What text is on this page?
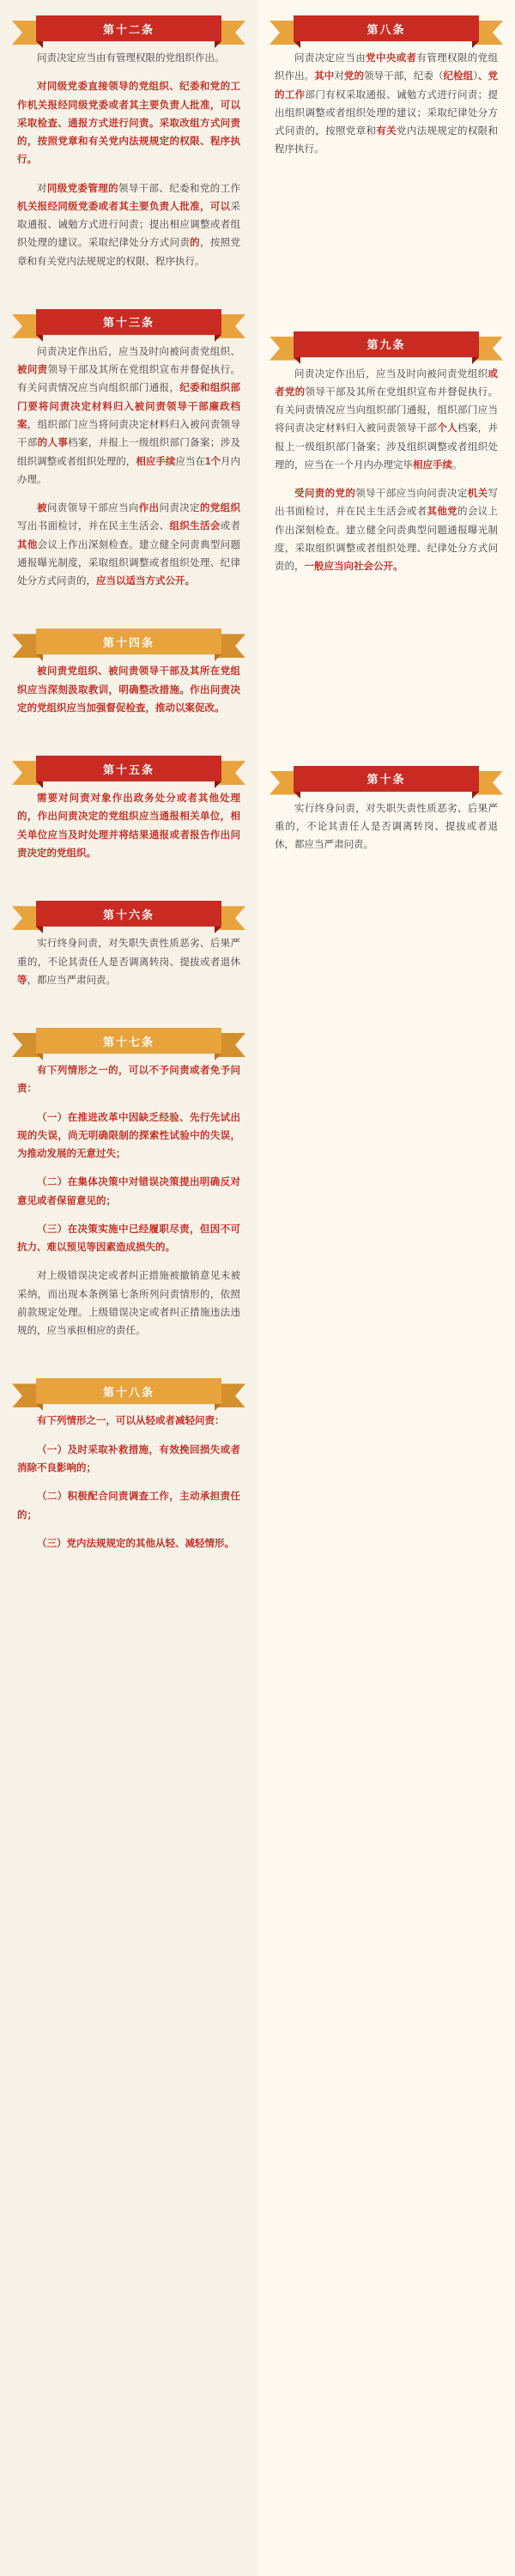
第十二条

问责决定应当由有管理权限的党组织作出。

对同级党委直接领导的党组织、纪委和党的工作机关报经同级党委或者其主要负责人批准，可以采取检查、通报方式进行问责。采取改组方式问责的，按照党章和有关党内法规规定的权限、程序执行。

对同级党委管理的领导干部、纪委和党的工作机关报经同级党委或者其主要负责人批准，可以采取通报、诫勉方式进行问责；提出相应调整或者组织处理的建议。采取纪律处分方式问责的，按照党章和有关党内法规规定的权限、程序执行。

第十三条

问责决定作出后，应当及时向被问责党组织、被问责领导干部及其所在党组织宣布并督促执行。有关问责情况应当向组织部门通报，纪委和组织部门要将问责决定材料归入被问责领导干部廉政档案，组织部门应当将问责决定材料归入被问责领导干部的人事档案，并报上一级组织部门备案；涉及组织调整或者组织处理的，相应手续应当在1个月内办理。

被问责领导干部应当向作出问责决定的党组织写出书面检讨，并在民主生活会、组织生活会或者其他会议上作出深刻检查。建立健全问责典型问题通报曝光制度，采取组织调整或者组织处理、纪律处分方式问责的，应当以适当方式公开。

第十四条

被问责党组织、被问责领导干部及其所在党组织应当深刻汲取教训，明确整改措施。作出问责决定的党组织应当加强督促检查，推动以案促改。

第十五条

需要对问责对象作出政务处分或者其他处理的，作出问责决定的党组织应当通报相关单位，相关单位应当及时处理并将结果通报或者报告作出问责决定的党组织。

第十六条

实行终身问责，对失职失责性质恶劣、后果严重的，不论其责任人是否调离转岗、提拔或者退休等，都应当严肃问责。

第十七条

有下列情形之一的，可以不予问责或者免予问责：

（一）在推进改革中因缺乏经验、先行先试出现的失误，尚无明确限制的探索性试验中的失误，为推动发展的无意过失；

（二）在集体决策中对错误决策提出明确反对意见或者保留意见的；

（三）在决策实施中已经履职尽责，但因不可抗力、难以预见等因素造成损失的。

对上级错误决定或者纠正措施被撤销意见未被采纳，而出现本条例第七条所列问责情形的，依照前款规定处理。上级错误决定或者纠正措施违法违规的，应当承担相应的责任。

第十八条

有下列情形之一，可以从轻或者减轻问责：

（一）及时采取补救措施，有效挽回损失或者消除不良影响的；

（二）积极配合问责调查工作，主动承担责任的；

（三）党内法规规定的其他从轻、减轻情形。

第八条

问责决定应当由党中央或者有管理权限的党组织作出。其中对党的领导干部，纪委（纪检组）、党的工作部门有权采取通报、诫勉方式进行问责；提出组织调整或者组织处理的建议；采取纪律处分方式问责的，按照党章和有关党内法规规定的权限和程序执行。

第九条

问责决定作出后，应当及时向被问责党组织或者党的领导干部及其所在党组织宣布并督促执行。有关问责情况应当向组织部门通报，组织部门应当将问责决定材料归入被问责领导干部个人档案，并报上一级组织部门备案；涉及组织调整或者组织处理的，应当在一个月内办理完毕相应手续。

受问责的党的领导干部应当向问责决定机关写出书面检讨，并在民主生活会或者其他党的会议上作出深刻检查。建立健全问责典型问题通报曝光制度，采取组织调整或者组织处理、纪律处分方式问责的，一般应当向社会公开。

第十条

实行终身问责，对失职失责性质恶劣、后果严重的，不论其责任人是否调离转岗、提拔或者退休，都应当严肃问责。
